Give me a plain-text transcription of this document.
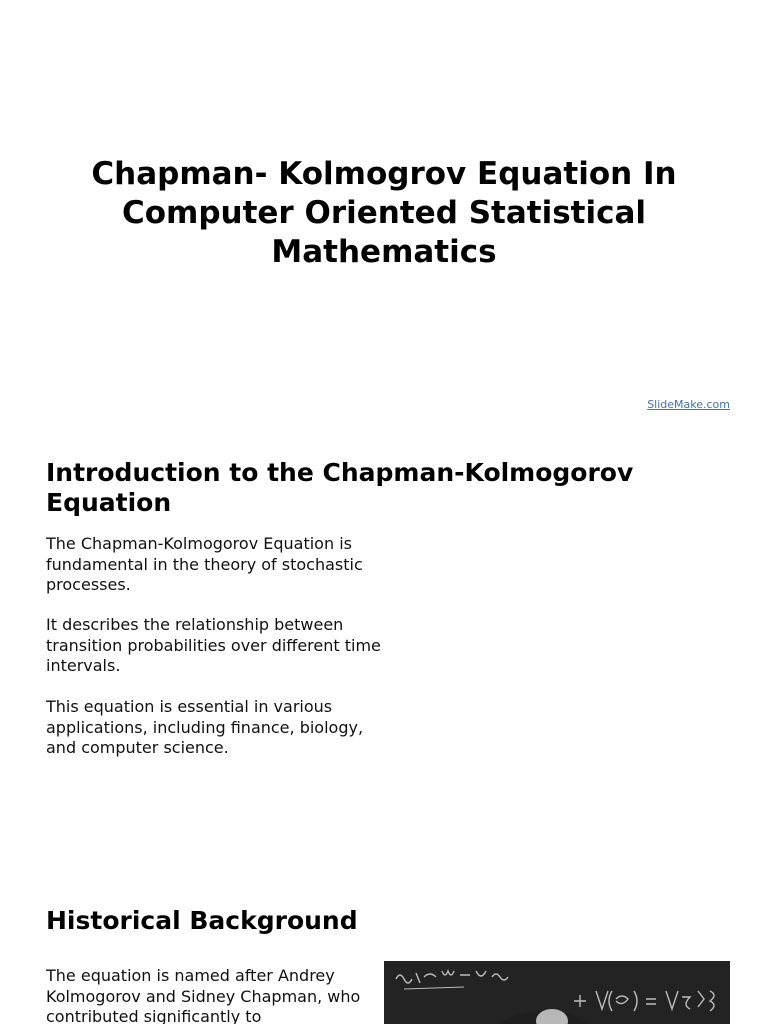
Chapman- Kolmogrov Equation In Computer Oriented Statistical Mathematics
SlideMake.com
Introduction to the Chapman-Kolmogorov Equation

The Chapman-Kolmogorov Equation is fundamental in the theory of stochastic processes.

It describes the relationship between transition probabilities over different time intervals.

This equation is essential in various applications, including finance, biology, and computer science.

Historical Background

The equation is named after Andrey Kolmogorov and Sidney Chapman, who contributed significantly to
